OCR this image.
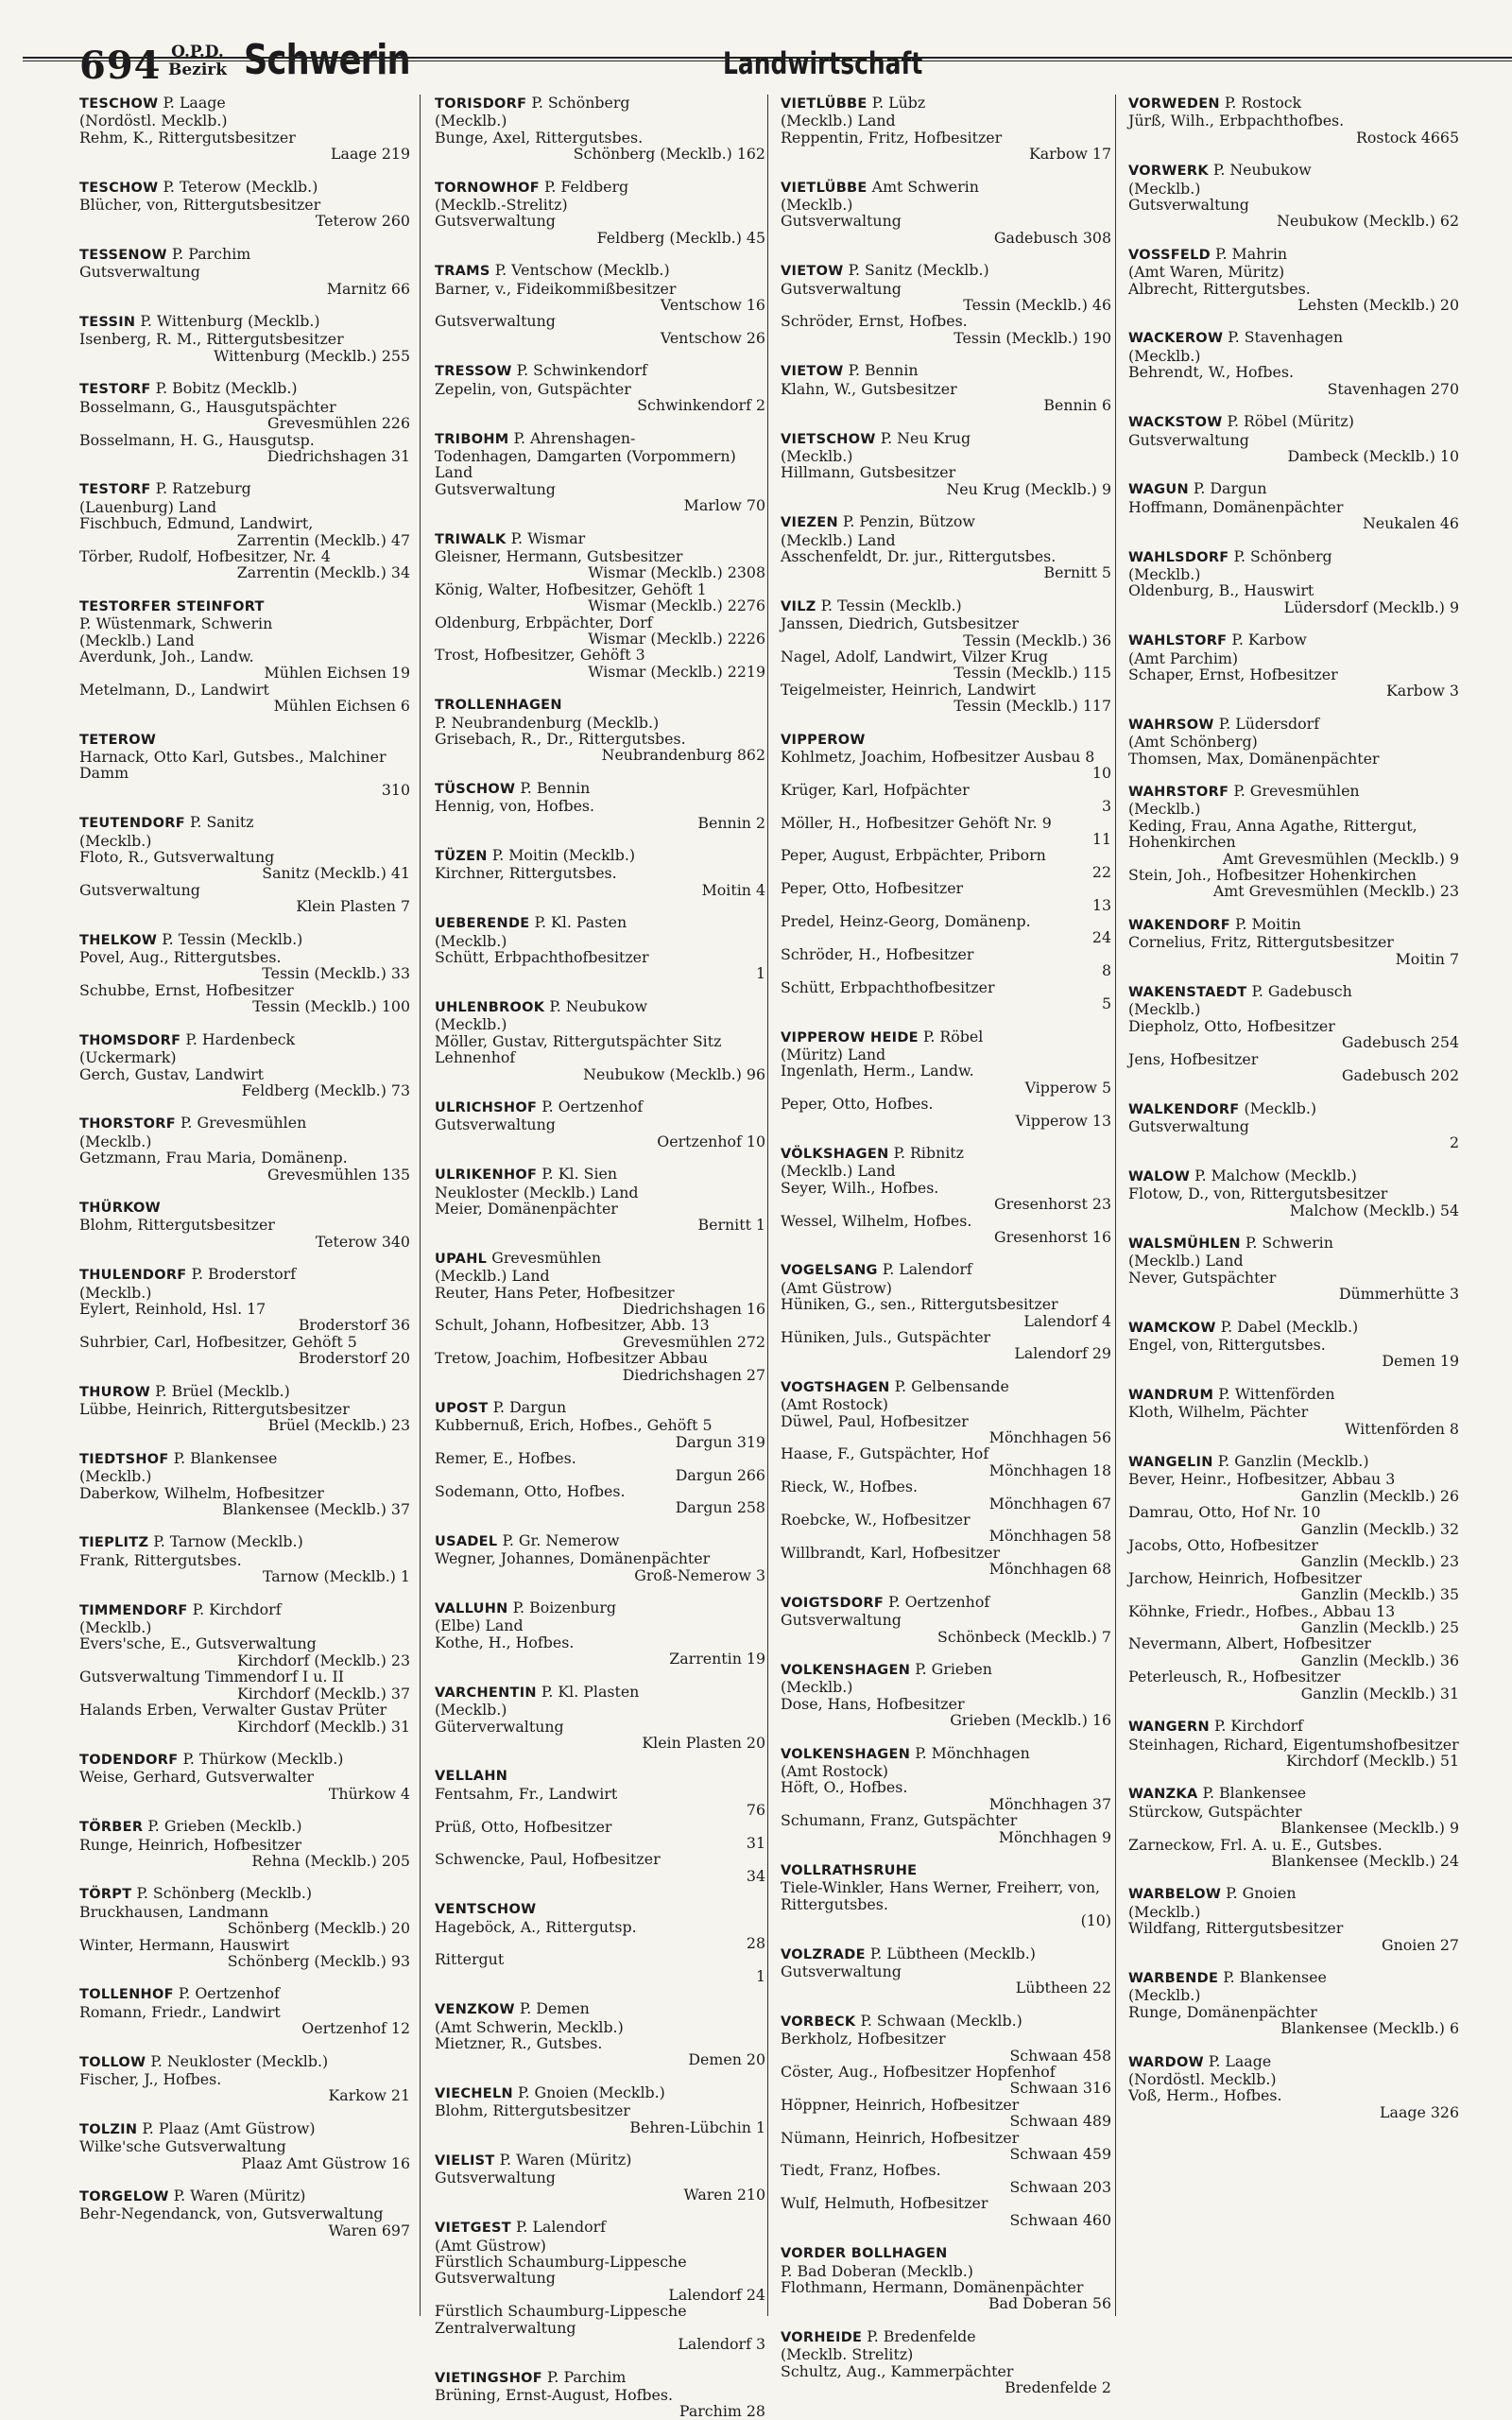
694 O.P.D.
Bezirk Schwerin	Landwirtschaft
TESCHOW P. Laage
(Nordöstl. Mecklb.)
Rehm, K., Rittergutsbesitzer
Laage 219
TESCHOW P. Teterow (Mecklb.)
Blücher, von, Rittergutsbesitzer
Teterow 260
TESSENOW P. Parchim
Gutsverwaltung
Marnitz 66
TESSIN P. Wittenburg (Mecklb.)
Isenberg, R. M., Rittergutsbesitzer
Wittenburg (Mecklb.) 255
TESTORF P. Bobitz (Mecklb.)
Bosselmann, G., Hausgutspächter
Grevesmühlen 226
Bosselmann, H. G., Hausgutsp.
Diedrichshagen 31
TESTORF P. Ratzeburg
(Lauenburg) Land
Fischbuch, Edmund, Landwirt,
Zarrentin (Mecklb.) 47
Törber, Rudolf, Hofbesitzer, Nr. 4
Zarrentin (Mecklb.) 34
TESTORFER STEINFORT
P. Wüstenmark, Schwerin
(Mecklb.) Land
Averdunk, Joh., Landw.
Mühlen Eichsen 19
Metelmann, D., Landwirt
Mühlen Eichsen 6
TETEROW
Harnack, Otto Karl, Gutsbes., Malchiner Damm
310
TEUTENDORF P. Sanitz
(Mecklb.)
Floto, R., Gutsverwaltung
Sanitz (Mecklb.) 41
Gutsverwaltung
Klein Plasten 7
THELKOW P. Tessin (Mecklb.)
Povel, Aug., Rittergutsbes.
Tessin (Mecklb.) 33
Schubbe, Ernst, Hofbesitzer
Tessin (Mecklb.) 100
THOMSDORF P. Hardenbeck
(Uckermark)
Gerch, Gustav, Landwirt
Feldberg (Mecklb.) 73
THORSTORF P. Grevesmühlen
(Mecklb.)
Getzmann, Frau Maria, Domänenp.
Grevesmühlen 135
THÜRKOW
Blohm, Rittergutsbesitzer
Teterow 340
THULENDORF P. Broderstorf
(Mecklb.)
Eylert, Reinhold, Hsl. 17
Broderstorf 36
Suhrbier, Carl, Hofbesitzer, Gehöft 5
Broderstorf 20
THUROW P. Brüel (Mecklb.)
Lübbe, Heinrich, Rittergutsbesitzer
Brüel (Mecklb.) 23
TIEDTSHOF P. Blankensee
(Mecklb.)
Daberkow, Wilhelm, Hofbesitzer
Blankensee (Mecklb.) 37
TIEPLITZ P. Tarnow (Mecklb.)
Frank, Rittergutsbes.
Tarnow (Mecklb.) 1
TIMMENDORF P. Kirchdorf
(Mecklb.)
Evers'sche, E., Gutsverwaltung
Kirchdorf (Mecklb.) 23
Gutsverwaltung Timmendorf I u. II
Kirchdorf (Mecklb.) 37
Halands Erben, Verwalter Gustav Prüter
Kirchdorf (Mecklb.) 31
TODENDORF P. Thürkow (Mecklb.)
Weise, Gerhard, Gutsverwalter
Thürkow 4
TÖRBER P. Grieben (Mecklb.)
Runge, Heinrich, Hofbesitzer
Rehna (Mecklb.) 205
TÖRPT P. Schönberg (Mecklb.)
Bruckhausen, Landmann
Schönberg (Mecklb.) 20
Winter, Hermann, Hauswirt
Schönberg (Mecklb.) 93
TOLLENHOF P. Oertzenhof
Romann, Friedr., Landwirt
Oertzenhof 12
TOLLOW P. Neukloster (Mecklb.)
Fischer, J., Hofbes.
Karkow 21
TOLZIN P. Plaaz (Amt Güstrow)
Wilke'sche Gutsverwaltung
Plaaz Amt Güstrow 16
TORGELOW P. Waren (Müritz)
Behr-Negendanck, von, Gutsverwaltung
Waren 697
TORISDORF P. Schönberg
(Mecklb.)
Bunge, Axel, Rittergutsbes.
Schönberg (Mecklb.) 162
TORNOWHOF P. Feldberg
(Mecklb.-Strelitz)
Gutsverwaltung
Feldberg (Mecklb.) 45
TRAMS P. Ventschow (Mecklb.)
Barner, v., Fideikommißbesitzer
Ventschow 16
Gutsverwaltung
Ventschow 26
TRESSOW P. Schwinkendorf
Zepelin, von, Gutspächter
Schwinkendorf 2
TRIBOHM P. Ahrenshagen-
Todenhagen, Damgarten (Vorpommern) Land
Gutsverwaltung
Marlow 70
TRIWALK P. Wismar
Gleisner, Hermann, Gutsbesitzer
Wismar (Mecklb.) 2308
König, Walter, Hofbesitzer, Gehöft 1
Wismar (Mecklb.) 2276
Oldenburg, Erbpächter, Dorf
Wismar (Mecklb.) 2226
Trost, Hofbesitzer, Gehöft 3
Wismar (Mecklb.) 2219
TROLLENHAGEN
P. Neubrandenburg (Mecklb.)
Grisebach, R., Dr., Rittergutsbes.
Neubrandenburg 862
TÜSCHOW P. Bennin
Hennig, von, Hofbes.
Bennin 2
TÜZEN P. Moitin (Mecklb.)
Kirchner, Rittergutsbes.
Moitin 4
UEBERENDE P. Kl. Pasten
(Mecklb.)
Schütt, Erbpachthofbesitzer
1
UHLENBROOK P. Neubukow
(Mecklb.)
Möller, Gustav, Rittergutspächter Sitz Lehnenhof
Neubukow (Mecklb.) 96
ULRICHSHOF P. Oertzenhof
Gutsverwaltung
Oertzenhof 10
ULRIKENHOF P. Kl. Sien
Neukloster (Mecklb.) Land
Meier, Domänenpächter
Bernitt 1
UPAHL Grevesmühlen
(Mecklb.) Land
Reuter, Hans Peter, Hofbesitzer
Diedrichshagen 16
Schult, Johann, Hofbesitzer, Abb. 13
Grevesmühlen 272
Tretow, Joachim, Hofbesitzer Abbau
Diedrichshagen 27
UPOST P. Dargun
Kubbernuß, Erich, Hofbes., Gehöft 5
Dargun 319
Remer, E., Hofbes.
Dargun 266
Sodemann, Otto, Hofbes.
Dargun 258
USADEL P. Gr. Nemerow
Wegner, Johannes, Domänenpächter
Groß-Nemerow 3
VALLUHN P. Boizenburg
(Elbe) Land
Kothe, H., Hofbes.
Zarrentin 19
VARCHENTIN P. Kl. Plasten
(Mecklb.)
Güterverwaltung
Klein Plasten 20
VELLAHN
Fentsahm, Fr., Landwirt
76
Prüß, Otto, Hofbesitzer
31
Schwencke, Paul, Hofbesitzer
34
VENTSCHOW
Hageböck, A., Rittergutsp.
28
Rittergut
1
VENZKOW P. Demen
(Amt Schwerin, Mecklb.)
Mietzner, R., Gutsbes.
Demen 20
VIECHELN P. Gnoien (Mecklb.)
Blohm, Rittergutsbesitzer
Behren-Lübchin 1
VIELIST P. Waren (Müritz)
Gutsverwaltung
Waren 210
VIETGEST P. Lalendorf
(Amt Güstrow)
Fürstlich Schaumburg-Lippesche Gutsverwaltung
Lalendorf 24
Fürstlich Schaumburg-Lippesche Zentralverwaltung
Lalendorf 3
VIETINGSHOF P. Parchim
Brüning, Ernst-August, Hofbes.
Parchim 28
VIETLÜBBE P. Lübz
(Mecklb.) Land
Reppentin, Fritz, Hofbesitzer
Karbow 17
VIETLÜBBE Amt Schwerin
(Mecklb.)
Gutsverwaltung
Gadebusch 308
VIETOW P. Sanitz (Mecklb.)
Gutsverwaltung
Tessin (Mecklb.) 46
Schröder, Ernst, Hofbes.
Tessin (Mecklb.) 190
VIETOW P. Bennin
Klahn, W., Gutsbesitzer
Bennin 6
VIETSCHOW P. Neu Krug
(Mecklb.)
Hillmann, Gutsbesitzer
Neu Krug (Mecklb.) 9
VIEZEN P. Penzin, Bützow
(Mecklb.) Land
Asschenfeldt, Dr. jur., Rittergutsbes.
Bernitt 5
VILZ P. Tessin (Mecklb.)
Janssen, Diedrich, Gutsbesitzer
Tessin (Mecklb.) 36
Nagel, Adolf, Landwirt, Vilzer Krug
Tessin (Mecklb.) 115
Teigelmeister, Heinrich, Landwirt
Tessin (Mecklb.) 117
VIPPEROW
Kohlmetz, Joachim, Hofbesitzer Ausbau 8
10
Krüger, Karl, Hofpächter
3
Möller, H., Hofbesitzer Gehöft Nr. 9
11
Peper, August, Erbpächter, Priborn
22
Peper, Otto, Hofbesitzer
13
Predel, Heinz-Georg, Domänenp.
24
Schröder, H., Hofbesitzer
8
Schütt, Erbpachthofbesitzer
5
VIPPEROW HEIDE P. Röbel
(Müritz) Land
Ingenlath, Herm., Landw.
Vipperow 5
Peper, Otto, Hofbes.
Vipperow 13
VÖLKSHAGEN P. Ribnitz
(Mecklb.) Land
Seyer, Wilh., Hofbes.
Gresenhorst 23
Wessel, Wilhelm, Hofbes.
Gresenhorst 16
VOGELSANG P. Lalendorf
(Amt Güstrow)
Hüniken, G., sen., Rittergutsbesitzer
Lalendorf 4
Hüniken, Juls., Gutspächter
Lalendorf 29
VOGTSHAGEN P. Gelbensande
(Amt Rostock)
Düwel, Paul, Hofbesitzer
Mönchhagen 56
Haase, F., Gutspächter, Hof
Mönchhagen 18
Rieck, W., Hofbes.
Mönchhagen 67
Roebcke, W., Hofbesitzer
Mönchhagen 58
Willbrandt, Karl, Hofbesitzer
Mönchhagen 68
VOIGTSDORF P. Oertzenhof
Gutsverwaltung
Schönbeck (Mecklb.) 7
VOLKENSHAGEN P. Grieben
(Mecklb.)
Dose, Hans, Hofbesitzer
Grieben (Mecklb.) 16
VOLKENSHAGEN P. Mönchhagen
(Amt Rostock)
Höft, O., Hofbes.
Mönchhagen 37
Schumann, Franz, Gutspächter
Mönchhagen 9
VOLLRATHSRUHE
Tiele-Winkler, Hans Werner, Freiherr, von, Rittergutsbes.
(10)
VOLZRADE P. Lübtheen (Mecklb.)
Gutsverwaltung
Lübtheen 22
VORBECK P. Schwaan (Mecklb.)
Berkholz, Hofbesitzer
Schwaan 458
Cöster, Aug., Hofbesitzer Hopfenhof
Schwaan 316
Höppner, Heinrich, Hofbesitzer
Schwaan 489
Nümann, Heinrich, Hofbesitzer
Schwaan 459
Tiedt, Franz, Hofbes.
Schwaan 203
Wulf, Helmuth, Hofbesitzer
Schwaan 460
VORDER BOLLHAGEN
P. Bad Doberan (Mecklb.)
Flothmann, Hermann, Domänenpächter
Bad Doberan 56
VORHEIDE P. Bredenfelde
(Mecklb. Strelitz)
Schultz, Aug., Kammerpächter
Bredenfelde 2
VORWEDEN P. Rostock
Jürß, Wilh., Erbpachthofbes.
Rostock 4665
VORWERK P. Neubukow
(Mecklb.)
Gutsverwaltung
Neubukow (Mecklb.) 62
VOSSFELD P. Mahrin
(Amt Waren, Müritz)
Albrecht, Rittergutsbes.
Lehsten (Mecklb.) 20
WACKEROW P. Stavenhagen
(Mecklb.)
Behrendt, W., Hofbes.
Stavenhagen 270
WACKSTOW P. Röbel (Müritz)
Gutsverwaltung
Dambeck (Mecklb.) 10
WAGUN P. Dargun
Hoffmann, Domänenpächter
Neukalen 46
WAHLSDORF P. Schönberg
(Mecklb.)
Oldenburg, B., Hauswirt
Lüdersdorf (Mecklb.) 9
WAHLSTORF P. Karbow
(Amt Parchim)
Schaper, Ernst, Hofbesitzer
Karbow 3
WAHRSOW P. Lüdersdorf
(Amt Schönberg)
Thomsen, Max, Domänenpächter
WAHRSTORF P. Grevesmühlen
(Mecklb.)
Keding, Frau, Anna Agathe, Rittergut, Hohenkirchen
Amt Grevesmühlen (Mecklb.) 9
Stein, Joh., Hofbesitzer Hohenkirchen
Amt Grevesmühlen (Mecklb.) 23
WAKENDORF P. Moitin
Cornelius, Fritz, Rittergutsbesitzer
Moitin 7
WAKENSTAEDT P. Gadebusch
(Mecklb.)
Diepholz, Otto, Hofbesitzer
Gadebusch 254
Jens, Hofbesitzer
Gadebusch 202
WALKENDORF (Mecklb.)
Gutsverwaltung
2
WALOW P. Malchow (Mecklb.)
Flotow, D., von, Rittergutsbesitzer
Malchow (Mecklb.) 54
WALSMÜHLEN P. Schwerin
(Mecklb.) Land
Never, Gutspächter
Dümmerhütte 3
WAMCKOW P. Dabel (Mecklb.)
Engel, von, Rittergutsbes.
Demen 19
WANDRUM P. Wittenförden
Kloth, Wilhelm, Pächter
Wittenförden 8
WANGELIN P. Ganzlin (Mecklb.)
Bever, Heinr., Hofbesitzer, Abbau 3
Ganzlin (Mecklb.) 26
Damrau, Otto, Hof Nr. 10
Ganzlin (Mecklb.) 32
Jacobs, Otto, Hofbesitzer
Ganzlin (Mecklb.) 23
Jarchow, Heinrich, Hofbesitzer
Ganzlin (Mecklb.) 35
Köhnke, Friedr., Hofbes., Abbau 13
Ganzlin (Mecklb.) 25
Nevermann, Albert, Hofbesitzer
Ganzlin (Mecklb.) 36
Peterleusch, R., Hofbesitzer
Ganzlin (Mecklb.) 31
WANGERN P. Kirchdorf
Steinhagen, Richard, Eigentumshofbesitzer
Kirchdorf (Mecklb.) 51
WANZKA P. Blankensee
Stürckow, Gutspächter
Blankensee (Mecklb.) 9
Zarneckow, Frl. A. u. E., Gutsbes.
Blankensee (Mecklb.) 24
WARBELOW P. Gnoien
(Mecklb.)
Wildfang, Rittergutsbesitzer
Gnoien 27
WARBENDE P. Blankensee
(Mecklb.)
Runge, Domänenpächter
Blankensee (Mecklb.) 6
WARDOW P. Laage
(Nordöstl. Mecklb.)
Voß, Herm., Hofbes.
Laage 326
